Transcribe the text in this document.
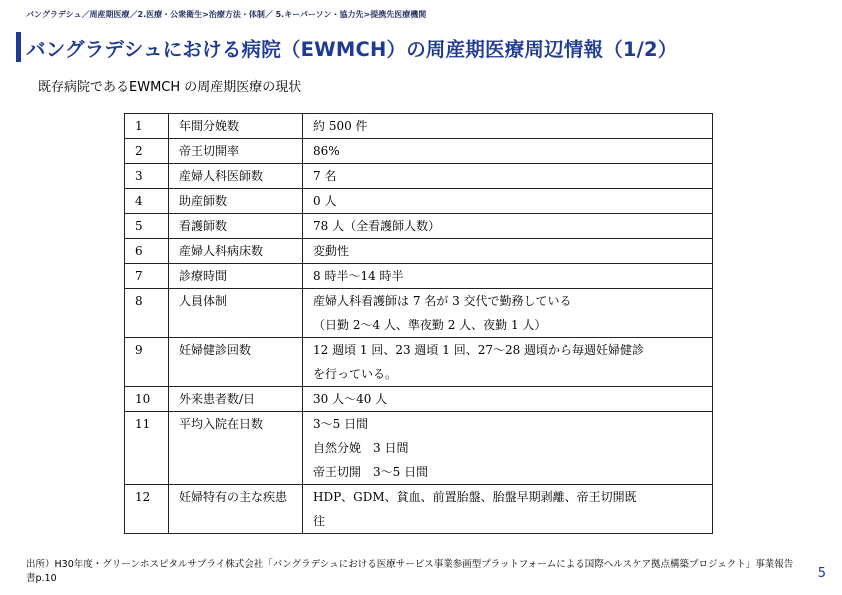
バングラデシュ／周産期医療／2.医療・公衆衛生>治療方法・体制／ 5.キーパーソン・協力先>提携先医療機関
バングラデシュにおける病院（EWMCH）の周産期医療周辺情報（1/2）
既存病院であるEWMCH の周産期医療の現状
1	年間分娩数	約 500 件

2	帝王切開率	86%

3	産婦人科医師数	7 名

4	助産師数	0 人

5	看護師数	78 人（全看護師人数）

6	産婦人科病床数	変動性

7	診療時間	8 時半～14 時半

8	人員体制	産婦人科看護師は 7 名が 3 交代で勤務している
（日勤 2～4 人、準夜勤 2 人、夜勤 1 人）

9	妊婦健診回数	12 週頃 1 回、23 週頃 1 回、27～28 週頃から毎週妊婦健診
を行っている。

10	外来患者数/日	30 人～40 人

11	平均入院在日数	3～5 日間
自然分娩　3 日間
帝王切開　3～5 日間

12	妊婦特有の主な疾患	HDP、GDM、貧血、前置胎盤、胎盤早期剥離、帝王切開既
往
出所）H30年度・グリーンホスピタルサプライ株式会社「バングラデシュにおける医療サービス事業参画型プラットフォームによる国際ヘルスケア拠点構築プロジェクト」事業報告書p.10	5
